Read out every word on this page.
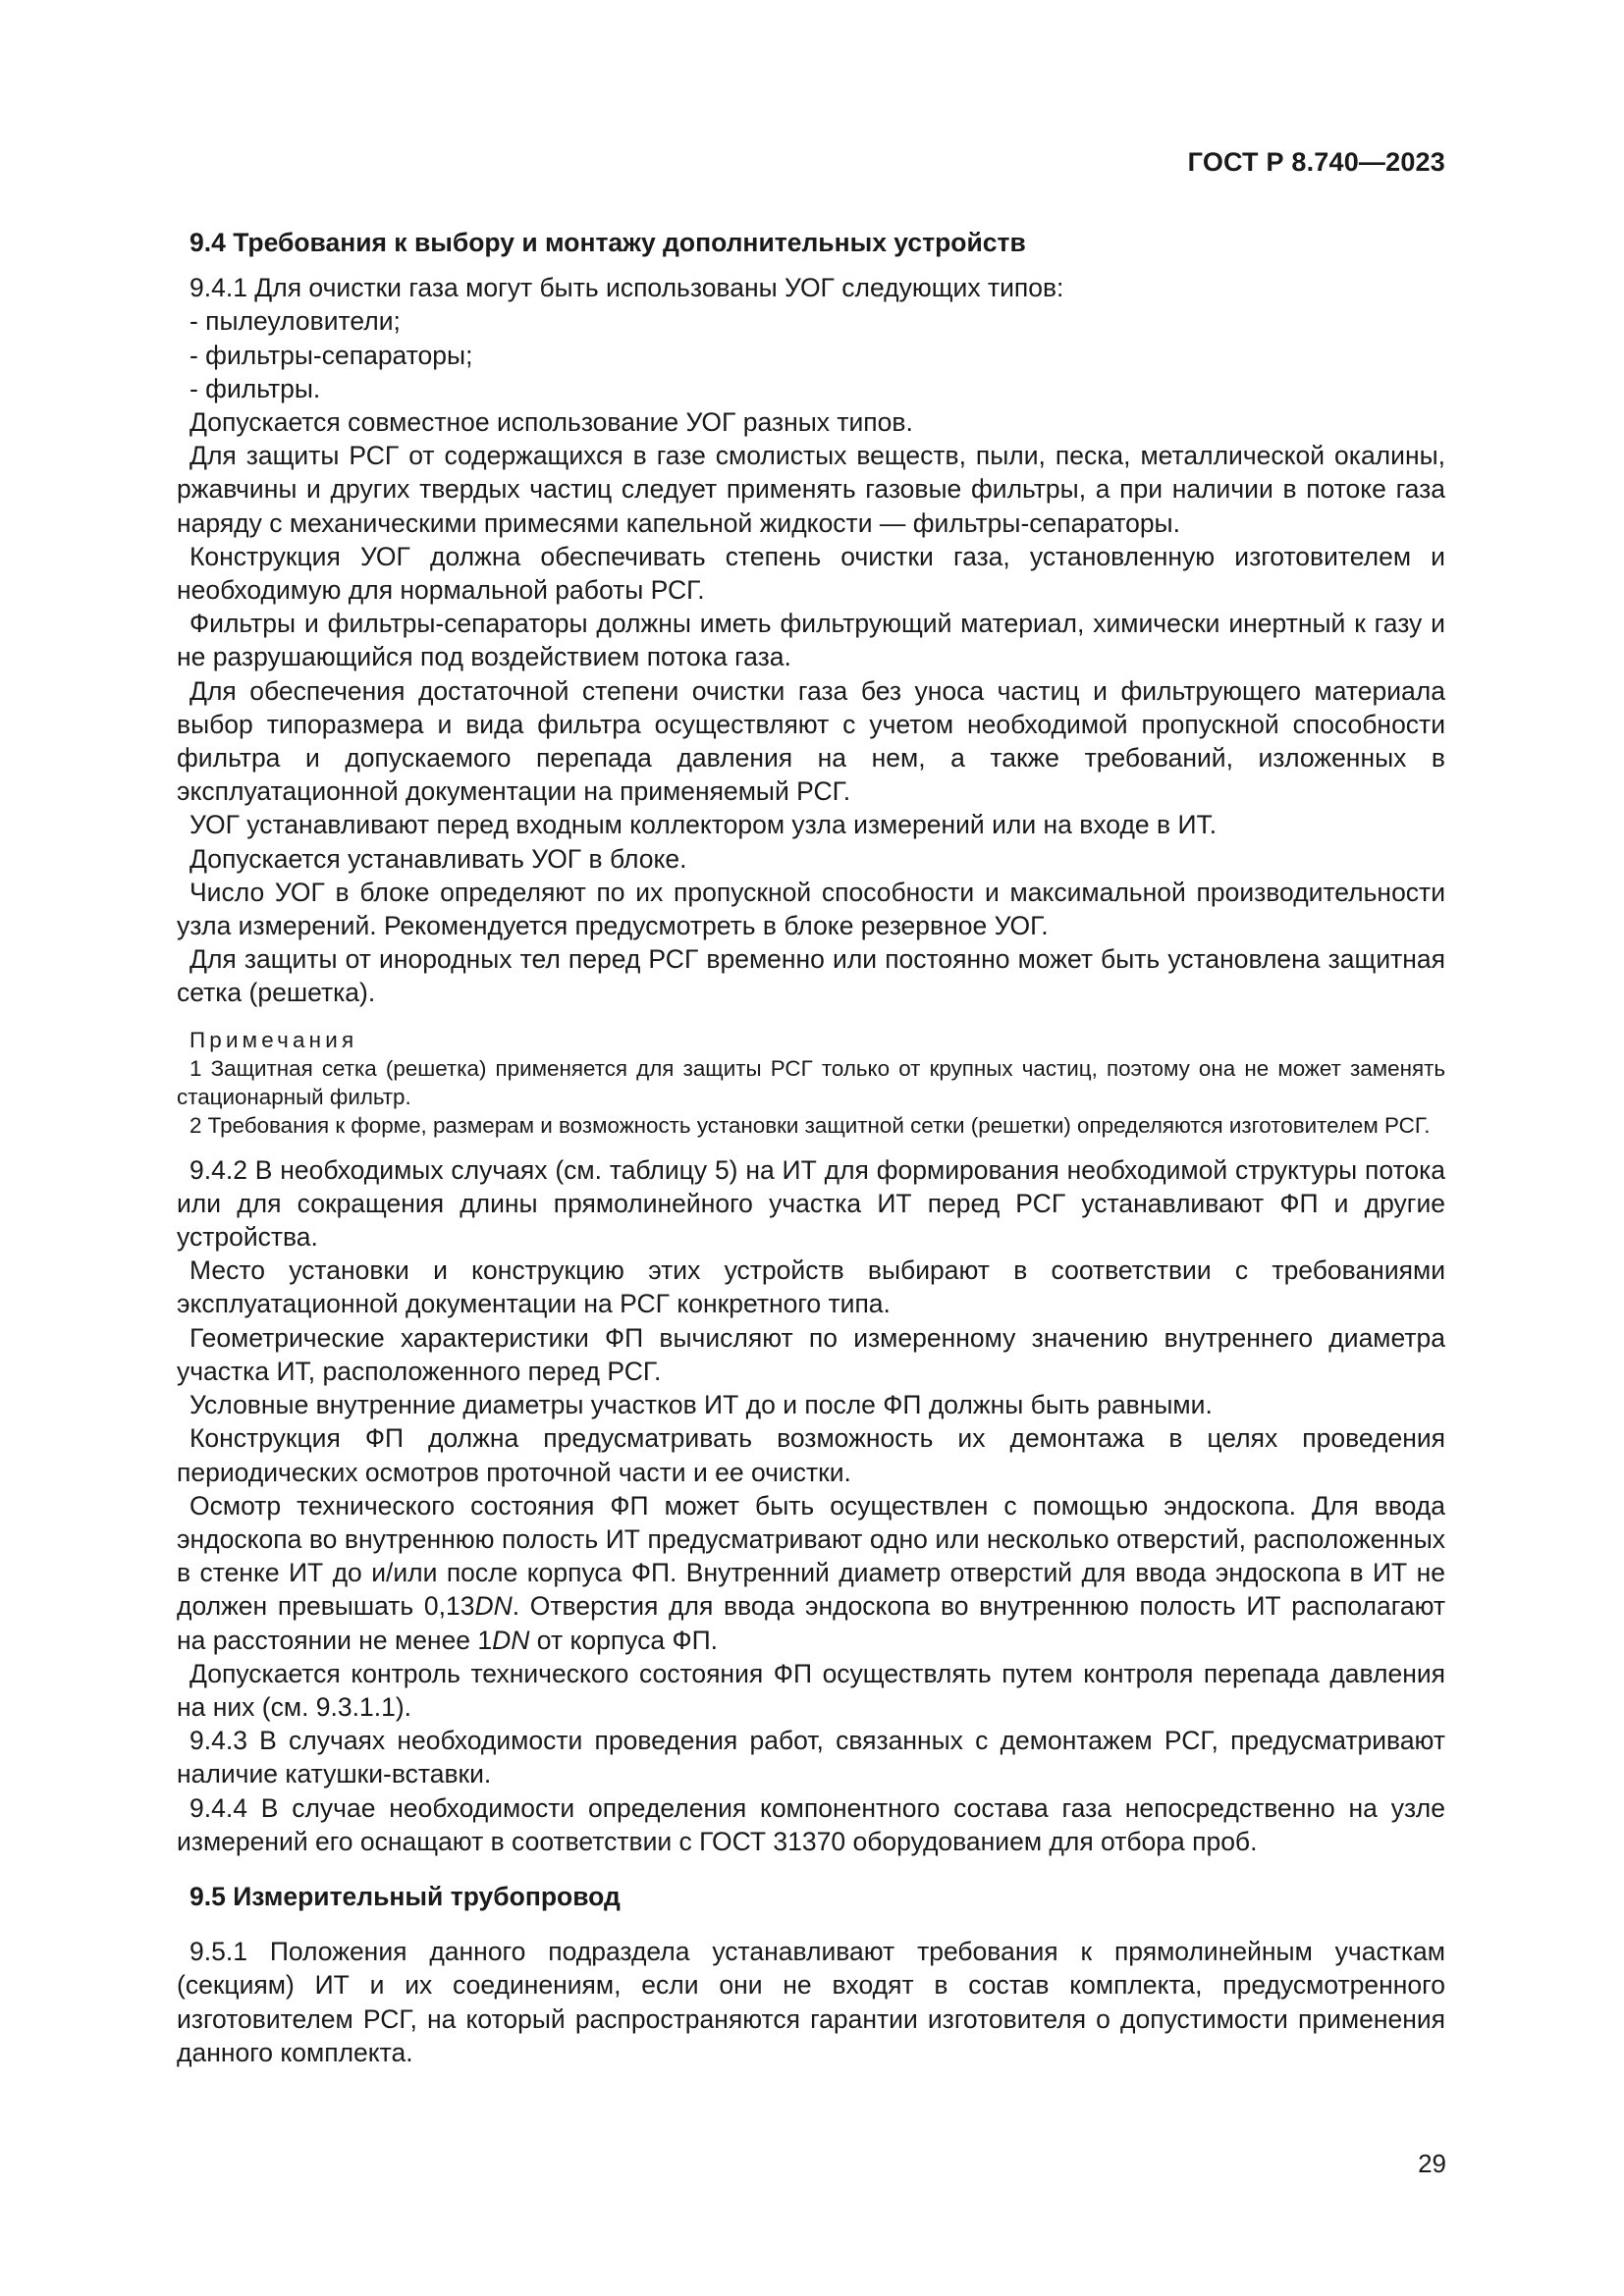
ГОСТ Р 8.740—2023

9.4 Требования к выбору и монтажу дополнительных устройств

9.4.1 Для очистки газа могут быть использованы УОГ следующих типов:

- пылеуловители;

- фильтры-сепараторы;

- фильтры.

Допускается совместное использование УОГ разных типов.

Для защиты РСГ от содержащихся в газе смолистых веществ, пыли, песка, металлической окалины, ржавчины и других твердых частиц следует применять газовые фильтры, а при наличии в потоке газа наряду с механическими примесями капельной жидкости — фильтры-сепараторы.

Конструкция УОГ должна обеспечивать степень очистки газа, установленную изготовителем и необходимую для нормальной работы РСГ.

Фильтры и фильтры-сепараторы должны иметь фильтрующий материал, химически инертный к газу и не разрушающийся под воздействием потока газа.

Для обеспечения достаточной степени очистки газа без уноса частиц и фильтрующего материала выбор типоразмера и вида фильтра осуществляют с учетом необходимой пропускной способности фильтра и допускаемого перепада давления на нем, а также требований, изложенных в эксплуатационной документации на применяемый РСГ.

УОГ устанавливают перед входным коллектором узла измерений или на входе в ИТ.

Допускается устанавливать УОГ в блоке.

Число УОГ в блоке определяют по их пропускной способности и максимальной производительности узла измерений. Рекомендуется предусмотреть в блоке резервное УОГ.

Для защиты от инородных тел перед РСГ временно или постоянно может быть установлена защитная сетка (решетка).

Примечания

1 Защитная сетка (решетка) применяется для защиты РСГ только от крупных частиц, поэтому она не может заменять стационарный фильтр.

2 Требования к форме, размерам и возможность установки защитной сетки (решетки) определяются изготовителем РСГ.

9.4.2 В необходимых случаях (см. таблицу 5) на ИТ для формирования необходимой структуры потока или для сокращения длины прямолинейного участка ИТ перед РСГ устанавливают ФП и другие устройства.

Место установки и конструкцию этих устройств выбирают в соответствии с требованиями эксплуатационной документации на РСГ конкретного типа.

Геометрические характеристики ФП вычисляют по измеренному значению внутреннего диаметра участка ИТ, расположенного перед РСГ.

Условные внутренние диаметры участков ИТ до и после ФП должны быть равными.

Конструкция ФП должна предусматривать возможность их демонтажа в целях проведения периодических осмотров проточной части и ее очистки.

Осмотр технического состояния ФП может быть осуществлен с помощью эндоскопа. Для ввода эндоскопа во внутреннюю полость ИТ предусматривают одно или несколько отверстий, расположенных в стенке ИТ до и/или после корпуса ФП. Внутренний диаметр отверстий для ввода эндоскопа в ИТ не должен превышать 0,13DN. Отверстия для ввода эндоскопа во внутреннюю полость ИТ располагают на расстоянии не менее 1DN от корпуса ФП.

Допускается контроль технического состояния ФП осуществлять путем контроля перепада давления на них (см. 9.3.1.1).

9.4.3 В случаях необходимости проведения работ, связанных с демонтажем РСГ, предусматривают наличие катушки-вставки.

9.4.4 В случае необходимости определения компонентного состава газа непосредственно на узле измерений его оснащают в соответствии с ГОСТ 31370 оборудованием для отбора проб.

9.5 Измерительный трубопровод

9.5.1 Положения данного подраздела устанавливают требования к прямолинейным участкам (секциям) ИТ и их соединениям, если они не входят в состав комплекта, предусмотренного изготовителем РСГ, на который распространяются гарантии изготовителя о допустимости применения данного комплекта.

29
